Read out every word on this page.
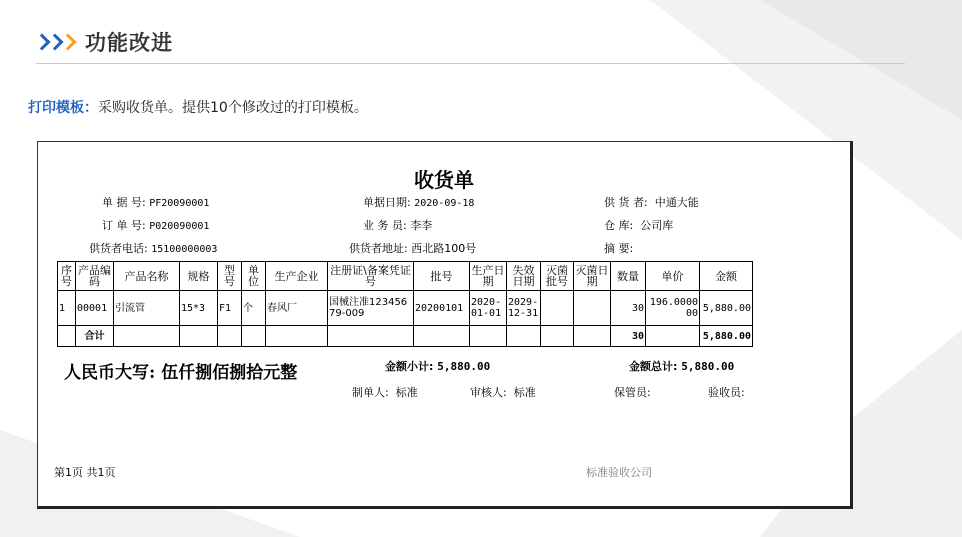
功能改进
打印模板：采购收货单。提供10个修改过的打印模板。
收货单
单 据 号: PF20090001	单据日期: 2020-09-18	供 货 者: 中通大能
订 单 号: P020090001	业 务 员: 李李	仓 库: 公司库
供货者电话: 15100000003	供货者地址: 西北路100号	摘 要:
序号	产品编码	产品名称	规格	型号	单位	生产企业	注册证\备案凭证号	批号	生产日期	失效日期	灭菌批号	灭菌日期	数量	单价	金额
1	00001	引流管	15*3	F1	个	春风厂	国械注准12345679-009	20200101	2020-01-01	2029-12-31			30	196.000000	5,880.00
	合计												30		5,880.00
人民币大写: 伍仟捌佰捌拾元整	金额小计: 5,880.00	金额总计: 5,880.00
制单人: 标准	审核人: 标准	保管员:	验收员:
第1页 共1页	标准验收公司
